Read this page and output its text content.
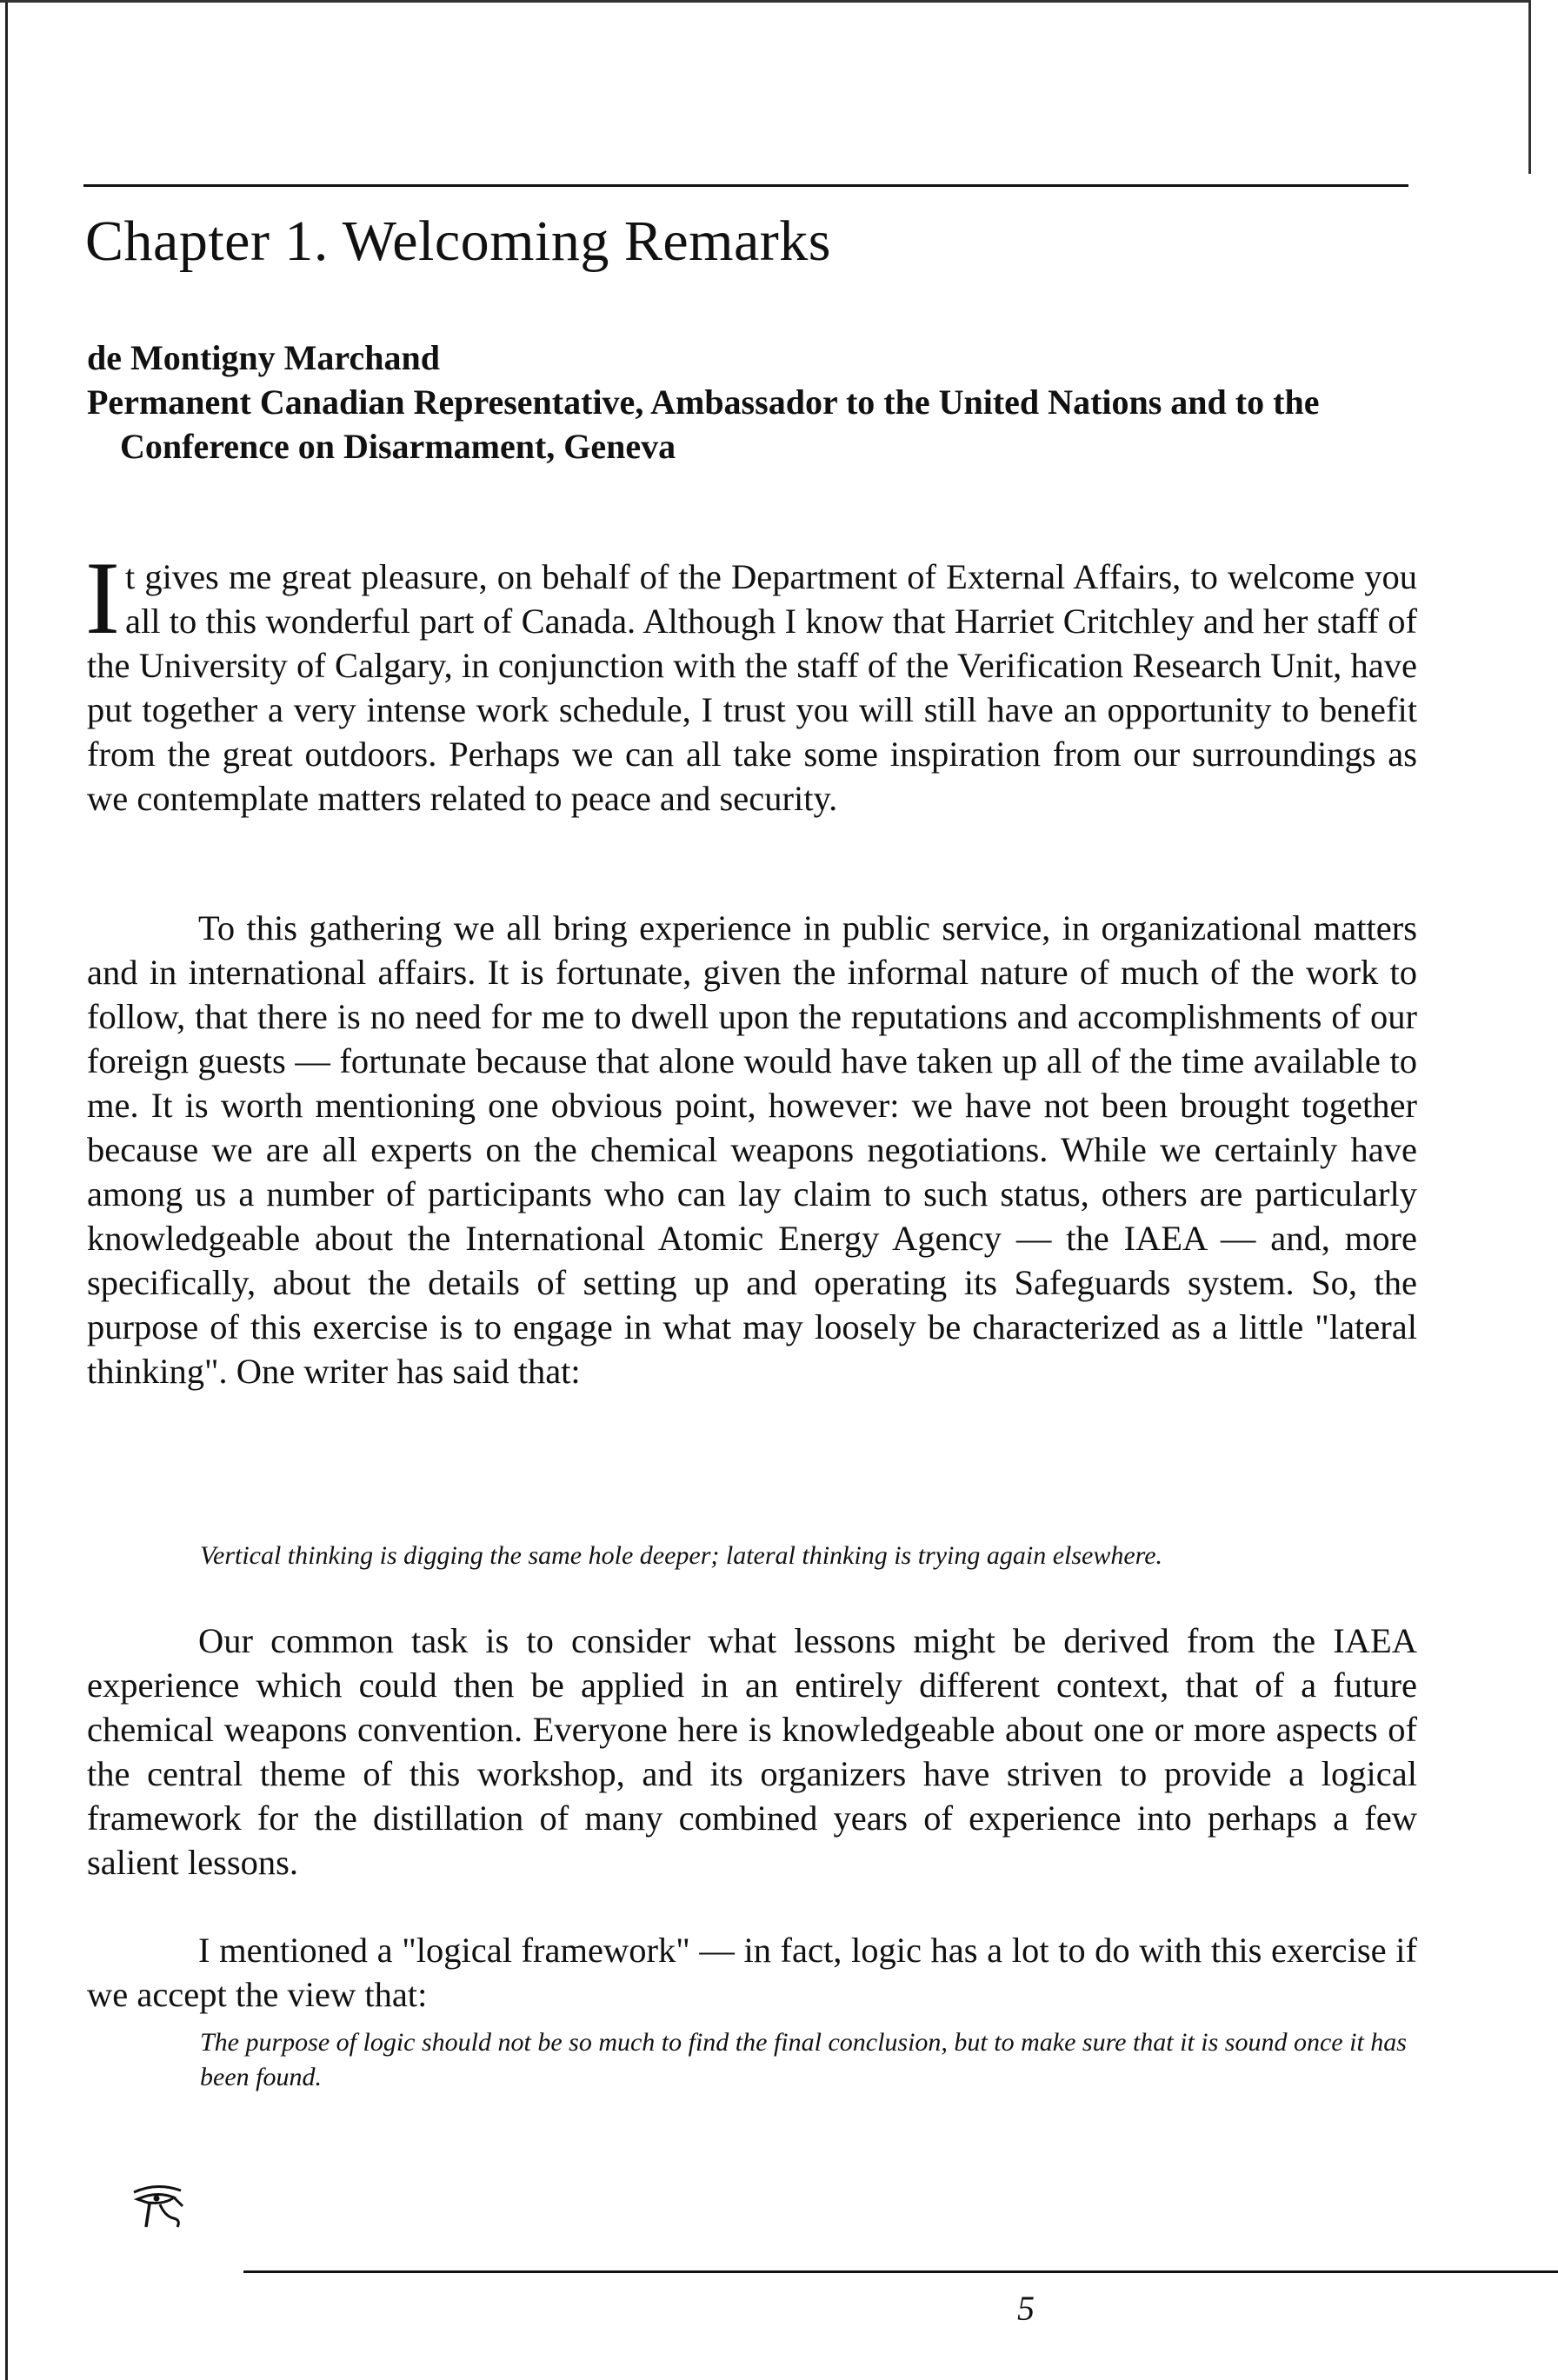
Chapter 1. Welcoming Remarks
de Montigny Marchand

Permanent Canadian Representative, Ambassador to the United Nations and to the Conference on Disarmament, Geneva

It gives me great pleasure, on behalf of the Department of External Affairs, to welcome you all to this wonderful part of Canada. Although I know that Harriet Critchley and her staff of the University of Calgary, in conjunction with the staff of the Verification Research Unit, have put together a very intense work schedule, I trust you will still have an opportunity to benefit from the great outdoors. Perhaps we can all take some inspiration from our surroundings as we contemplate matters related to peace and security.

To this gathering we all bring experience in public service, in organizational matters and in international affairs. It is fortunate, given the informal nature of much of the work to follow, that there is no need for me to dwell upon the reputations and accomplishments of our foreign guests — fortunate because that alone would have taken up all of the time available to me. It is worth mentioning one obvious point, however: we have not been brought together because we are all experts on the chemical weapons negotiations. While we certainly have among us a number of participants who can lay claim to such status, others are particularly knowledgeable about the International Atomic Energy Agency — the IAEA — and, more specifically, about the details of setting up and operating its Safeguards system. So, the purpose of this exercise is to engage in what may loosely be characterized as a little "lateral thinking". One writer has said that:

Vertical thinking is digging the same hole deeper; lateral thinking is trying again elsewhere.

Our common task is to consider what lessons might be derived from the IAEA experience which could then be applied in an entirely different context, that of a future chemical weapons convention. Everyone here is knowledgeable about one or more aspects of the central theme of this workshop, and its organizers have striven to provide a logical framework for the distillation of many combined years of experience into perhaps a few salient lessons.

I mentioned a "logical framework" — in fact, logic has a lot to do with this exercise if we accept the view that:

The purpose of logic should not be so much to find the final conclusion, but to make sure that it is sound once it has been found.

5
